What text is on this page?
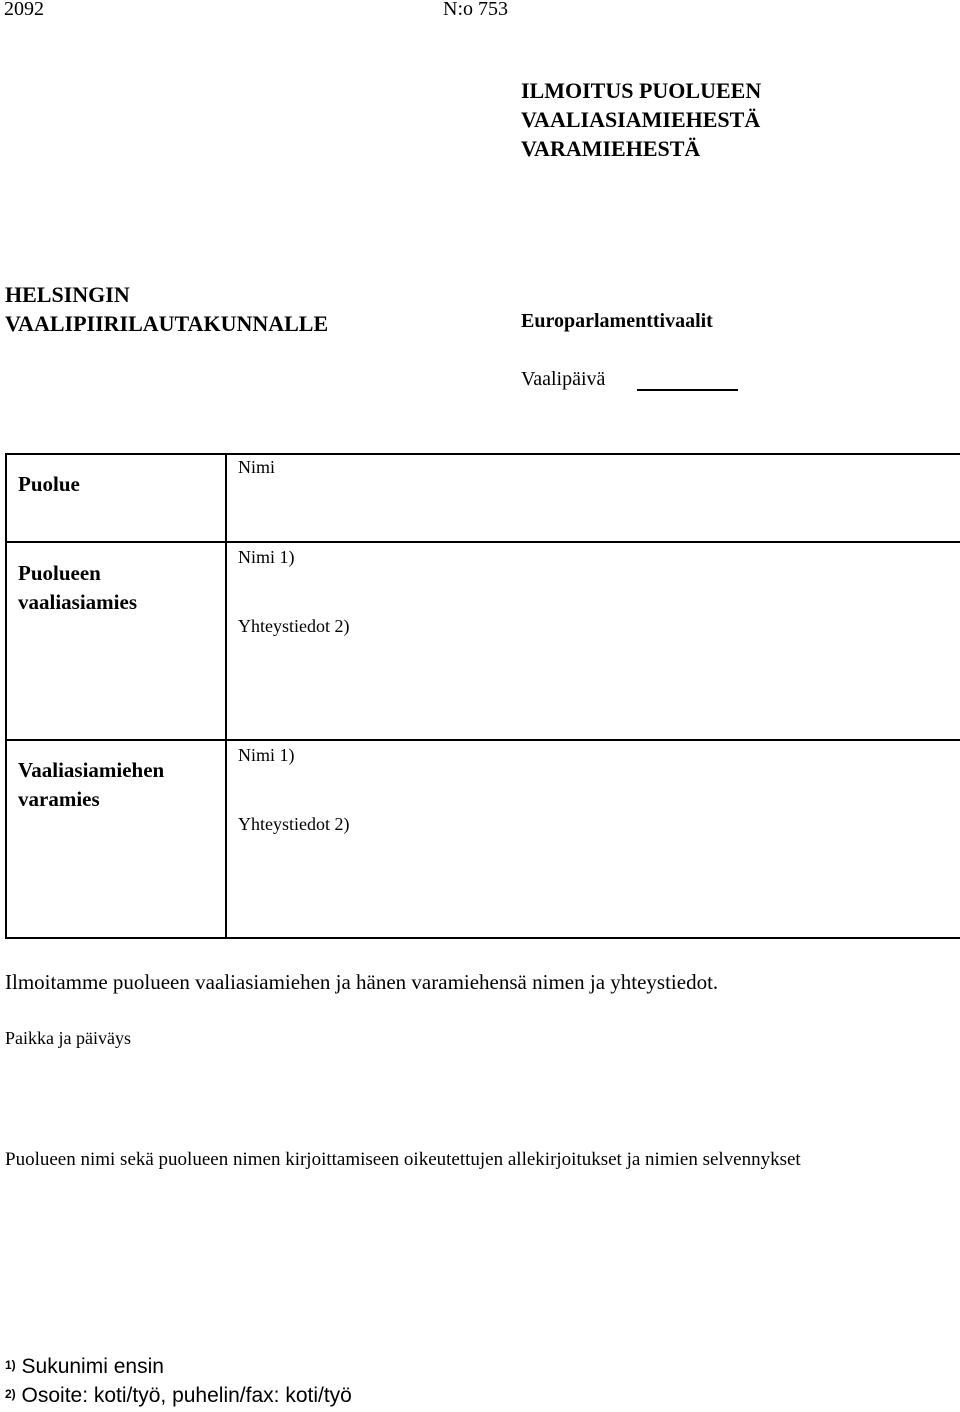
2092	N:o 753
ILMOITUS PUOLUEEN
VAALIASIAMIEHESTÄ
VARAMIEHESTÄ
HELSINGIN
VAALIPIIRILAUTAKUNNALLE	Europarlamenttivaalit
Vaalipäivä
Puolue
Nimi
Puolueen
vaaliasiamies
Nimi 1)
Yhteystiedot 2)
Vaaliasiamiehen
varamies
Nimi 1)
Yhteystiedot 2)
Ilmoitamme puolueen vaaliasiamiehen ja hänen varamiehensä nimen ja yhteystiedot.
Paikka ja päiväys
Puolueen nimi sekä puolueen nimen kirjoittamiseen oikeutettujen allekirjoitukset ja nimien selvennykset
$^{1)}$ Sukunimi ensin
$^{2)}$ Osoite: koti/työ, puhelin/fax: koti/työ
